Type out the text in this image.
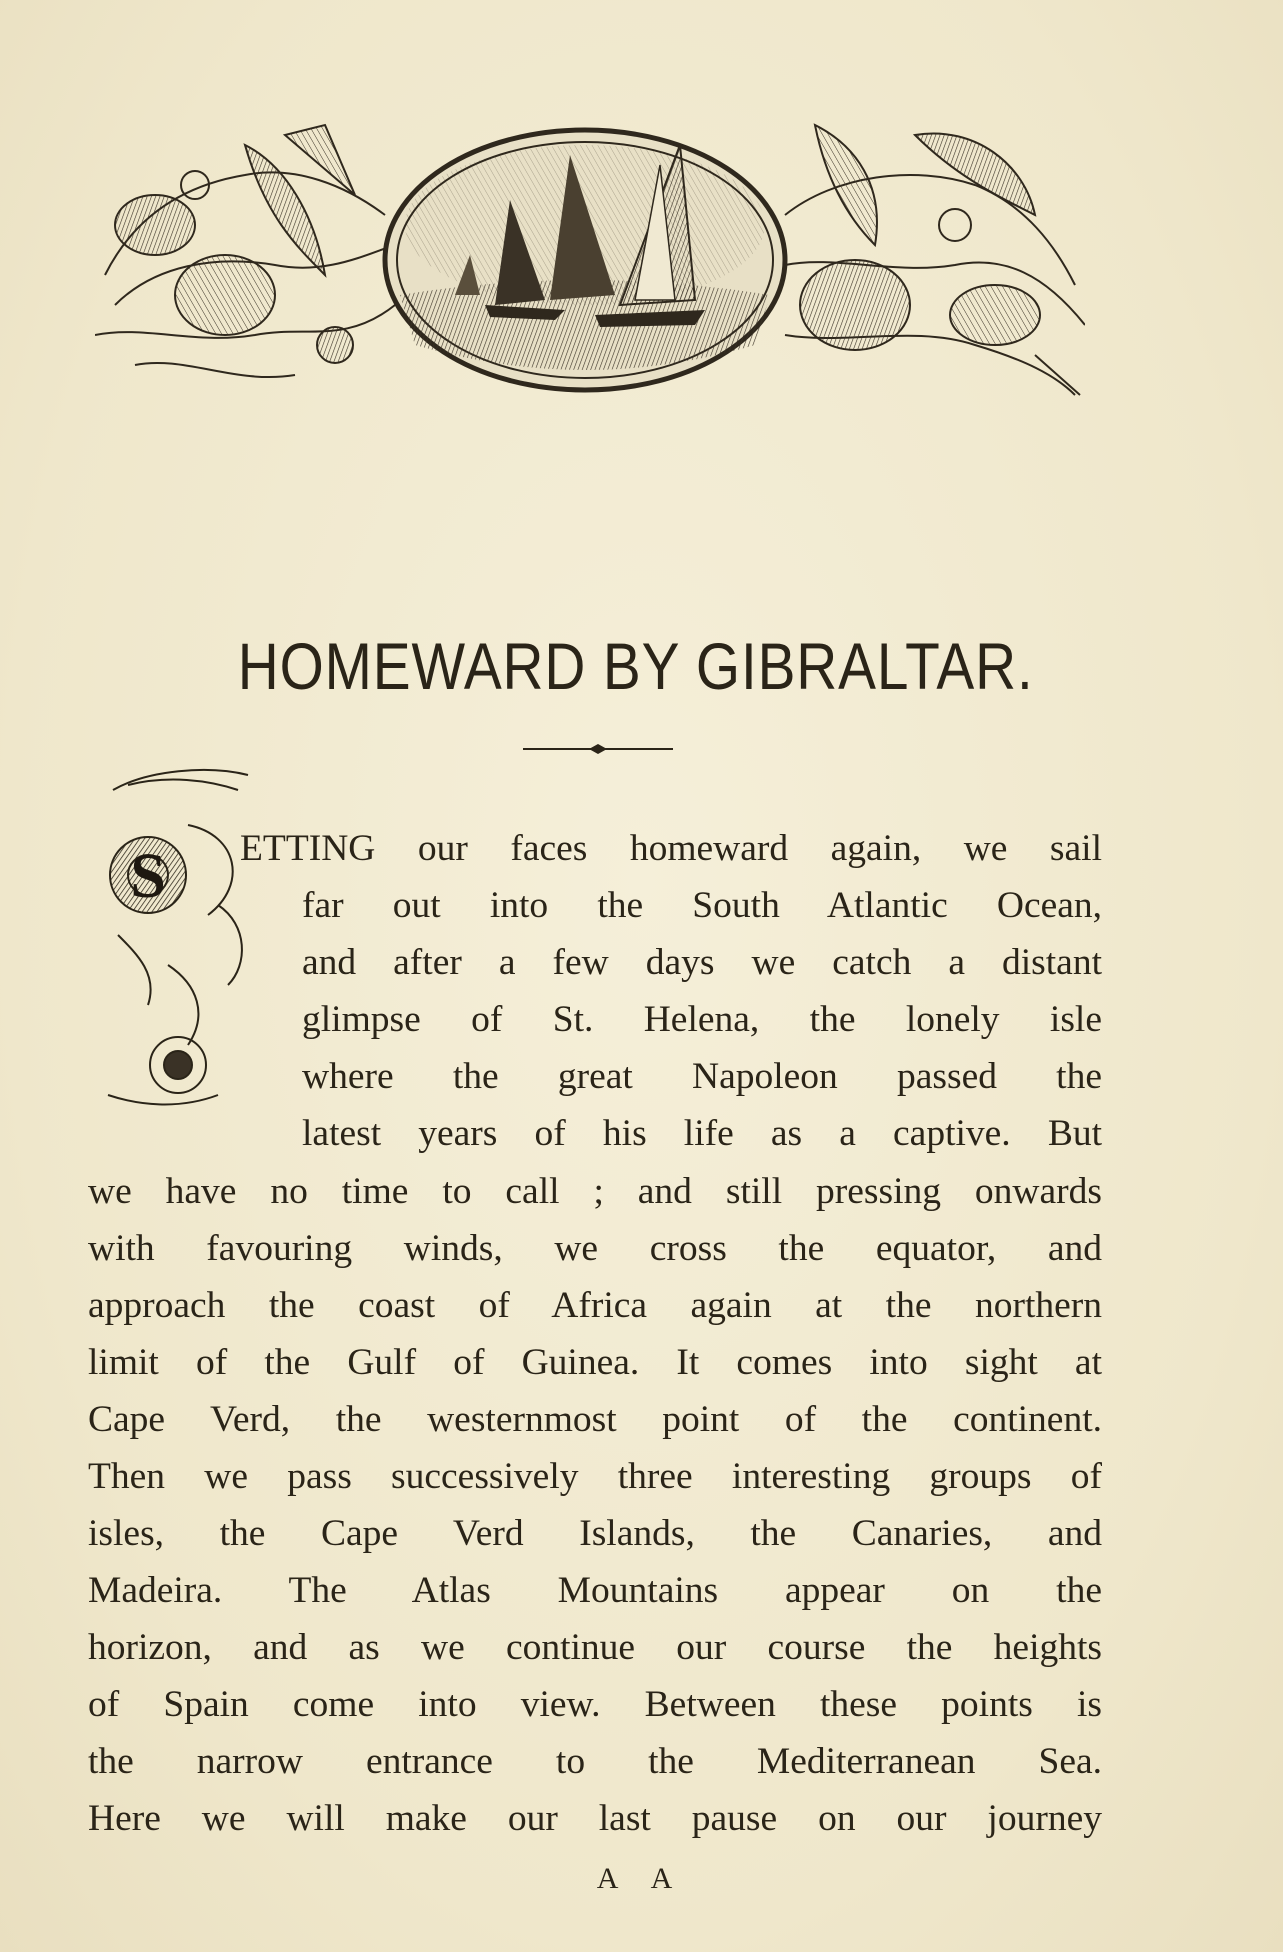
HOMEWARD BY GIBRALTAR.
S ETTING our faces homeward again, we sail
far out into the South Atlantic Ocean,
and after a few days we catch a distant
glimpse of St. Helena, the lonely isle
where the great Napoleon passed the
latest years of his life as a captive. But
we have no time to call ; and still pressing onwards
with favouring winds, we cross the equator, and
approach the coast of Africa again at the northern
limit of the Gulf of Guinea. It comes into sight at
Cape Verd, the westernmost point of the continent.
Then we pass successively three interesting groups of
isles, the Cape Verd Islands, the Canaries, and
Madeira. The Atlas Mountains appear on the
horizon, and as we continue our course the heights
of Spain come into view. Between these points is
the narrow entrance to the Mediterranean Sea.
Here we will make our last pause on our journey
A A
